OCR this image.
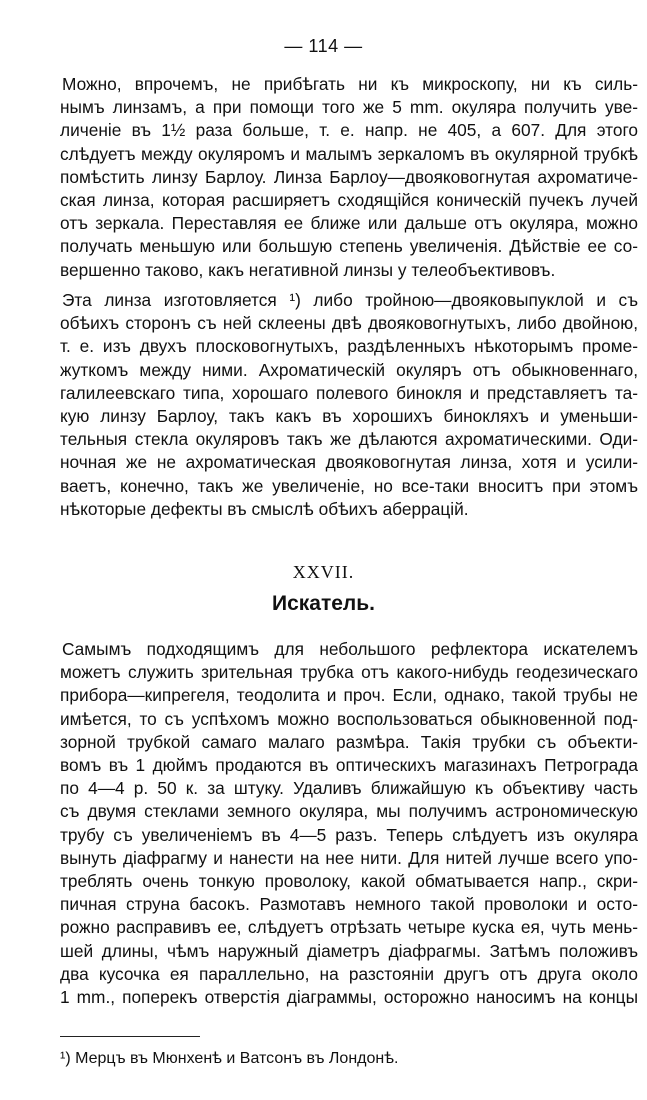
— 114 —
Можно, впрочемъ, не прибѣгать ни къ микроскопу, ни къ силь-
нымъ линзамъ, а при помощи того же 5 mm. окуляра получить уве-
личеніе въ 1½ раза больше, т. е. напр. не 405, а 607. Для этого
слѣдуетъ между окуляромъ и малымъ зеркаломъ въ окулярной трубкѣ
помѣстить линзу Барлоу. Линза Барлоу—двояковогнутая ахроматиче-
ская линза, которая расширяетъ сходящійся коническій пучекъ лучей
отъ зеркала. Переставляя ее ближе или дальше отъ окуляра, можно
получать меньшую или большую степень увеличенія. Дѣйствіе ее со-
вершенно таково, какъ негативной линзы у телеобъективовъ.
Эта линза изготовляется ¹) либо тройною—двояковыпуклой и съ
обѣихъ сторонъ съ ней склеены двѣ двояковогнутыхъ, либо двойною,
т. е. изъ двухъ плосковогнутыхъ, раздѣленныхъ нѣкоторымъ проме-
жуткомъ между ними. Ахроматическій окуляръ отъ обыкновеннаго,
галилеевскаго типа, хорошаго полевого бинокля и представляетъ та-
кую линзу Барлоу, такъ какъ въ хорошихъ бинокляхъ и уменьши-
тельныя стекла окуляровъ такъ же дѣлаются ахроматическими. Оди-
ночная же не ахроматическая двояковогнутая линза, хотя и усили-
ваетъ, конечно, такъ же увеличеніе, но все-таки вноситъ при этомъ
нѣкоторые дефекты въ смыслѣ обѣихъ аберрацій.
XXVII.
Искатель.
Самымъ подходящимъ для небольшого рефлектора искателемъ
можетъ служить зрительная трубка отъ какого-нибудь геодезическаго
прибора—кипрегеля, теодолита и проч. Если, однако, такой трубы не
имѣется, то съ успѣхомъ можно воспользоваться обыкновенной под-
зорной трубкой самаго малаго размѣра. Такія трубки съ объекти-
вомъ въ 1 дюймъ продаются въ оптическихъ магазинахъ Петрограда
по 4—4 р. 50 к. за штуку. Удаливъ ближайшую къ объективу часть
съ двумя стеклами земного окуляра, мы получимъ астрономическую
трубу съ увеличеніемъ въ 4—5 разъ. Теперь слѣдуетъ изъ окуляра
вынуть діафрагму и нанести на нее нити. Для нитей лучше всего упо-
треблять очень тонкую проволоку, какой обматывается напр., скри-
пичная струна басокъ. Размотавъ немного такой проволоки и осто-
рожно расправивъ ее, слѣдуетъ отрѣзать четыре куска ея, чуть мень-
шей длины, чѣмъ наружный діаметръ діафрагмы. Затѣмъ положивъ
два кусочка ея параллельно, на разстояніи другъ отъ друга около
1 mm., поперекъ отверстія діаграммы, осторожно наносимъ на концы
¹) Мерцъ въ Мюнхенѣ и Ватсонъ въ Лондонѣ.
